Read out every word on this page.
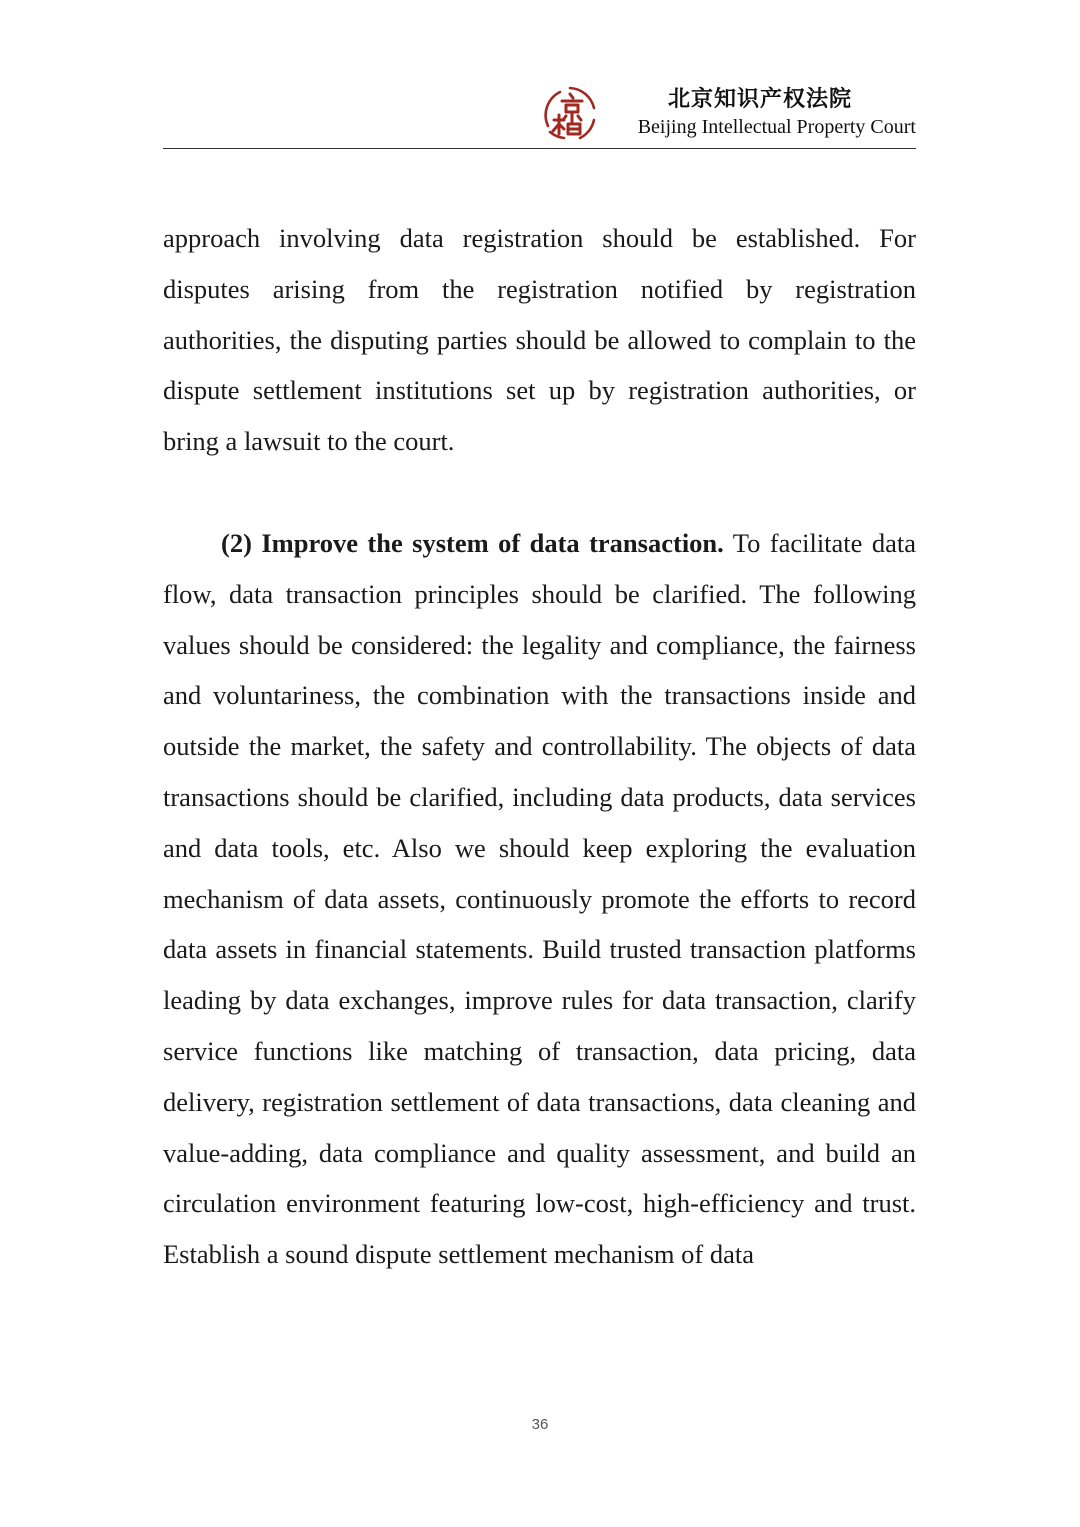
北京知识产权法院
Beijing Intellectual Property Court

approach involving data registration should be established. For disputes arising from the registration notified by registration authorities, the disputing parties should be allowed to complain to the dispute settlement institutions set up by registration authorities, or bring a lawsuit to the court.

(2) Improve the system of data transaction. To facilitate data flow, data transaction principles should be clarified. The following values should be considered: the legality and compliance, the fairness and voluntariness, the combination with the transactions inside and outside the market, the safety and controllability. The objects of data transactions should be clarified, including data products, data services and data tools, etc. Also we should keep exploring the evaluation mechanism of data assets, continuously promote the efforts to record data assets in financial statements. Build trusted transaction platforms leading by data exchanges, improve rules for data transaction, clarify service functions like matching of transaction, data pricing, data delivery, registration settlement of data transactions, data cleaning and value-adding, data compliance and quality assessment, and build an circulation environment featuring low-cost, high-efficiency and trust. Establish a sound dispute settlement mechanism of data

36
